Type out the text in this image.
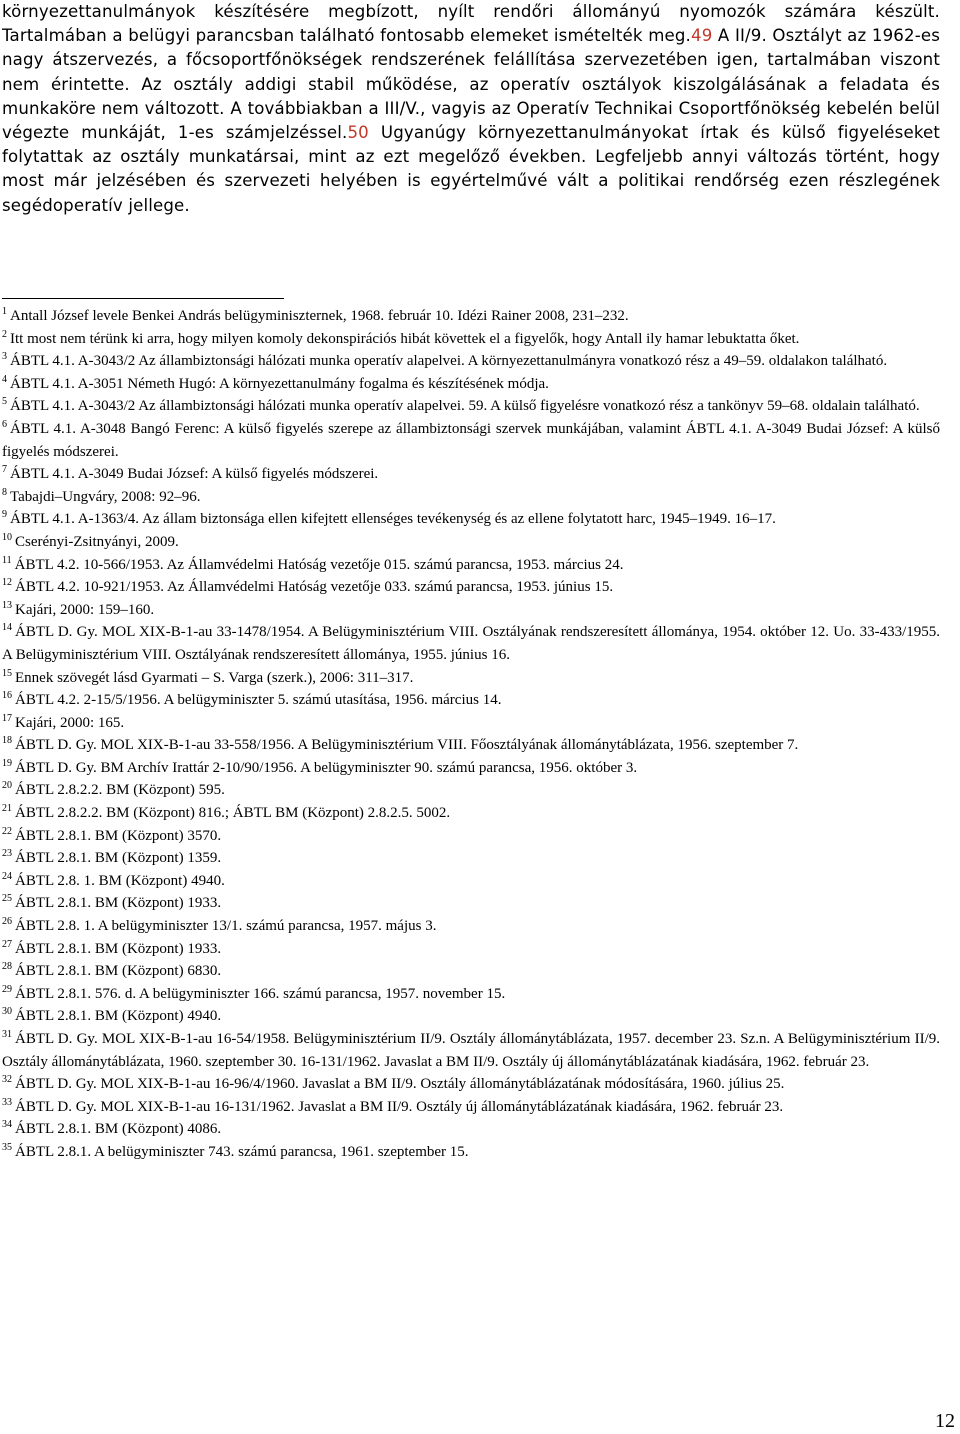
környezettanulmányok készítésére megbízott, nyílt rendőri állományú nyomozók számára készült. Tartalmában a belügyi parancsban található fontosabb elemeket ismételték meg.49 A II/9. Osztályt az 1962-es nagy átszervezés, a főcsoportfőnökségek rendszerének felállítása szervezetében igen, tartalmában viszont nem érintette. Az osztály addigi stabil működése, az operatív osztályok kiszolgálásának a feladata és munkaköre nem változott. A továbbiakban a III/V., vagyis az Operatív Technikai Csoportfőnökség kebelén belül végezte munkáját, 1-es számjelzéssel.50 Ugyanúgy környezettanulmányokat írtak és külső figyeléseket folytattak az osztály munkatársai, mint az ezt megelőző években. Legfeljebb annyi változás történt, hogy most már jelzésében és szervezeti helyében is egyértelművé vált a politikai rendőrség ezen részlegének segédoperatív jellege.

$^1$ Antall József levele Benkei András belügyminiszternek, 1968. február 10. Idézi Rainer 2008, 231–232.

$^2$ Itt most nem térünk ki arra, hogy milyen komoly dekonspirációs hibát követtek el a figyelők, hogy Antall ily hamar lebuktatta őket.

$^3$ ÁBTL 4.1. A-3043/2 Az állambiztonsági hálózati munka operatív alapelvei. A környezettanulmányra vonatkozó rész a 49–59. oldalakon található.

$^4$ ÁBTL 4.1. A-3051 Németh Hugó: A környezettanulmány fogalma és készítésének módja.

$^5$ ÁBTL 4.1. A-3043/2 Az állambiztonsági hálózati munka operatív alapelvei. 59. A külső figyelésre vonatkozó rész a tankönyv 59–68. oldalain található.

$^6$ ÁBTL 4.1. A-3048 Bangó Ferenc: A külső figyelés szerepe az állambiztonsági szervek munkájában, valamint ÁBTL 4.1. A-3049 Budai József: A külső figyelés módszerei.

$^7$ ÁBTL 4.1. A-3049 Budai József: A külső figyelés módszerei.

$^8$ Tabajdi–Ungváry, 2008: 92–96.

$^9$ ÁBTL 4.1. A-1363/4. Az állam biztonsága ellen kifejtett ellenséges tevékenység és az ellene folytatott harc, 1945–1949. 16–17.

$^{10}$ Cserényi-Zsitnyányi, 2009.

$^{11}$ ÁBTL 4.2. 10-566/1953. Az Államvédelmi Hatóság vezetője 015. számú parancsa, 1953. március 24.

$^{12}$ ÁBTL 4.2. 10-921/1953. Az Államvédelmi Hatóság vezetője 033. számú parancsa, 1953. június 15.

$^{13}$ Kajári, 2000: 159–160.

$^{14}$ ÁBTL D. Gy. MOL XIX-B-1-au 33-1478/1954. A Belügyminisztérium VIII. Osztályának rendszeresített állománya, 1954. október 12. Uo. 33-433/1955. A Belügyminisztérium VIII. Osztályának rendszeresített állománya, 1955. június 16.

$^{15}$ Ennek szövegét lásd Gyarmati – S. Varga (szerk.), 2006: 311–317.

$^{16}$ ÁBTL 4.2. 2-15/5/1956. A belügyminiszter 5. számú utasítása, 1956. március 14.

$^{17}$ Kajári, 2000: 165.

$^{18}$ ÁBTL D. Gy. MOL XIX-B-1-au 33-558/1956. A Belügyminisztérium VIII. Főosztályának állománytáblázata, 1956. szeptember 7.

$^{19}$ ÁBTL D. Gy. BM Archív Irattár 2-10/90/1956. A belügyminiszter 90. számú parancsa, 1956. október 3.

$^{20}$ ÁBTL 2.8.2.2. BM (Központ) 595.

$^{21}$ ÁBTL 2.8.2.2. BM (Központ) 816.; ÁBTL BM (Központ) 2.8.2.5. 5002.

$^{22}$ ÁBTL 2.8.1. BM (Központ) 3570.

$^{23}$ ÁBTL 2.8.1. BM (Központ) 1359.

$^{24}$ ÁBTL 2.8. 1. BM (Központ) 4940.

$^{25}$ ÁBTL 2.8.1. BM (Központ) 1933.

$^{26}$ ÁBTL 2.8. 1. A belügyminiszter 13/1. számú parancsa, 1957. május 3.

$^{27}$ ÁBTL 2.8.1. BM (Központ) 1933.

$^{28}$ ÁBTL 2.8.1. BM (Központ) 6830.

$^{29}$ ÁBTL 2.8.1. 576. d. A belügyminiszter 166. számú parancsa, 1957. november 15.

$^{30}$ ÁBTL 2.8.1. BM (Központ) 4940.

$^{31}$ ÁBTL D. Gy. MOL XIX-B-1-au 16-54/1958. Belügyminisztérium II/9. Osztály állománytáblázata, 1957. december 23. Sz.n. A Belügyminisztérium II/9. Osztály állománytáblázata, 1960. szeptember 30. 16-131/1962. Javaslat a BM II/9. Osztály új állománytáblázatának kiadására, 1962. február 23.

$^{32}$ ÁBTL D. Gy. MOL XIX-B-1-au 16-96/4/1960. Javaslat a BM II/9. Osztály állománytáblázatának módosítására, 1960. július 25.

$^{33}$ ÁBTL D. Gy. MOL XIX-B-1-au 16-131/1962. Javaslat a BM II/9. Osztály új állománytáblázatának kiadására, 1962. február 23.

$^{34}$ ÁBTL 2.8.1. BM (Központ) 4086.

$^{35}$ ÁBTL 2.8.1. A belügyminiszter 743. számú parancsa, 1961. szeptember 15.

12
